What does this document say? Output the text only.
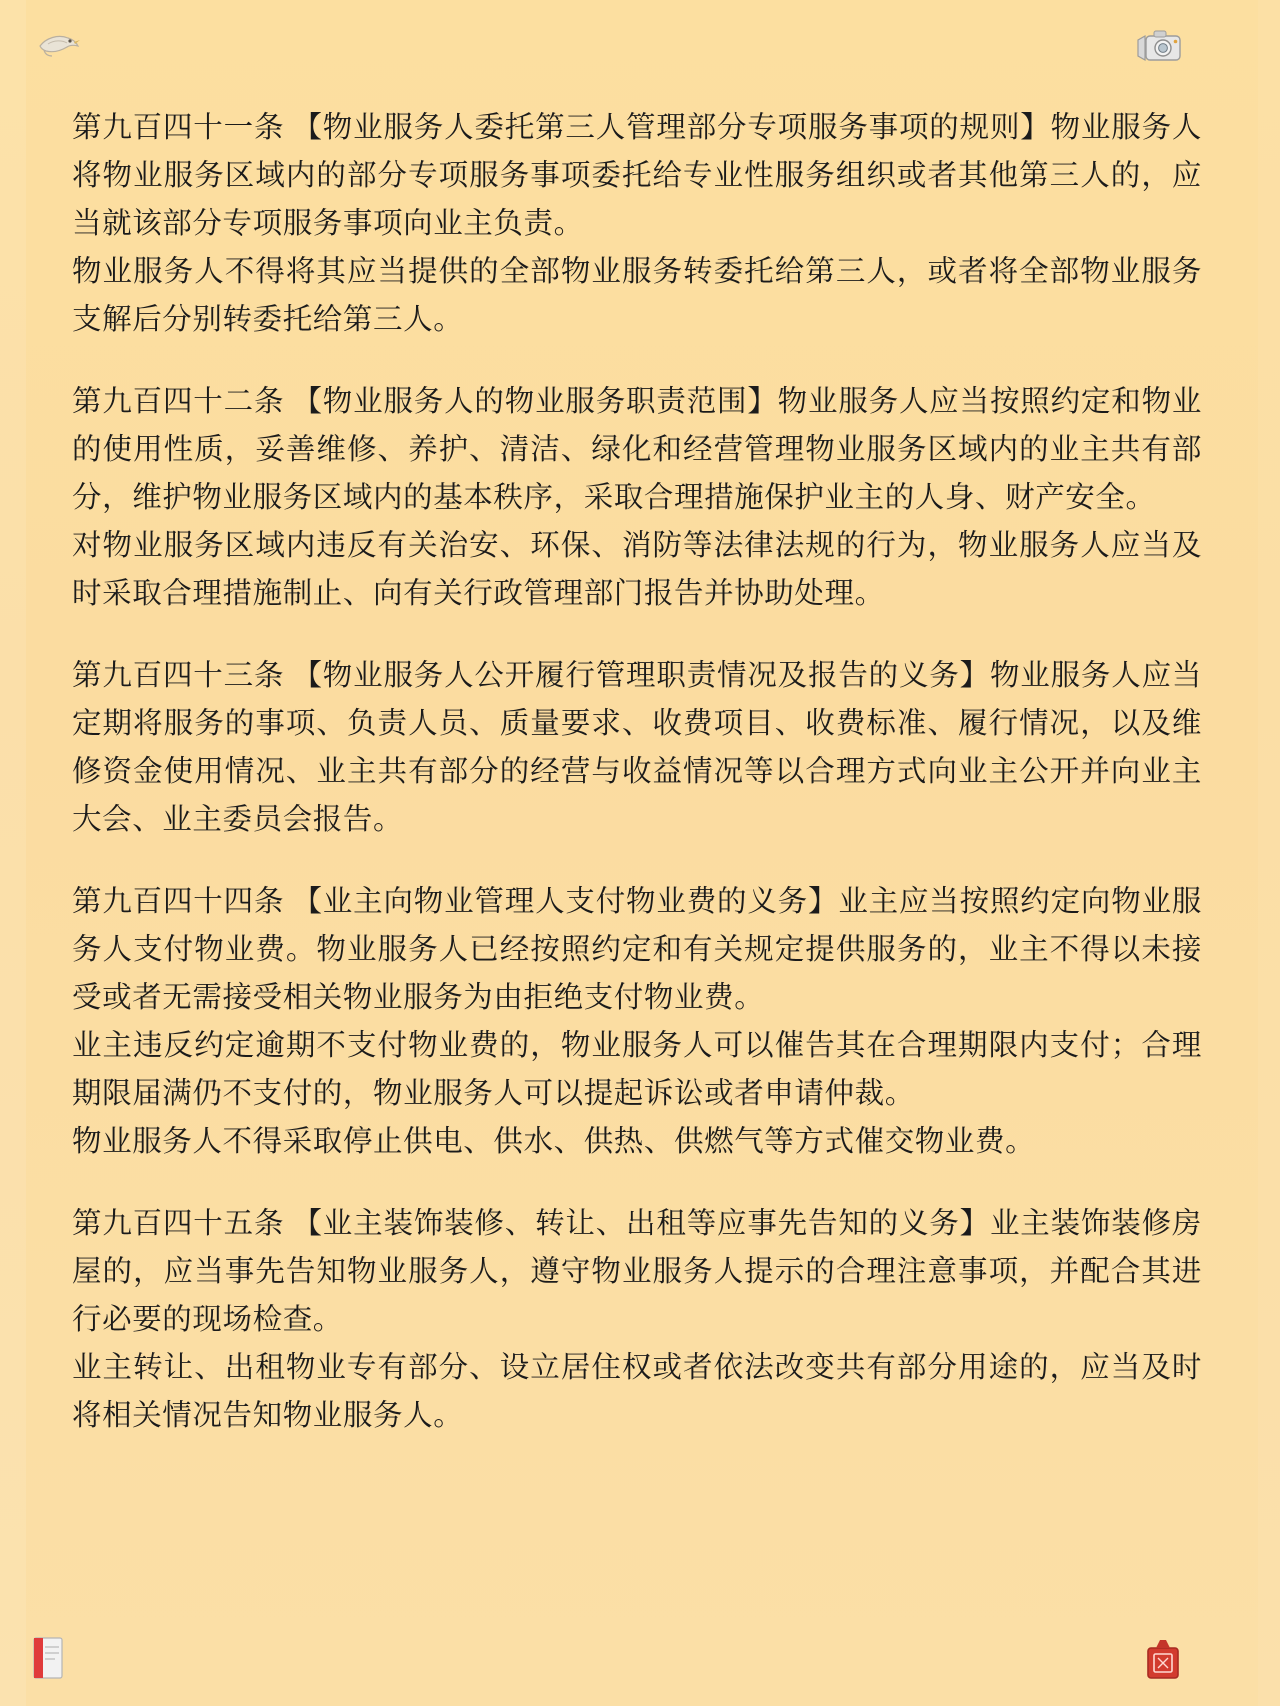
第九百四十一条 【物业服务人委托第三人管理部分专项服务事项的规则】物业服务人将物业服务区域内的部分专项服务事项委托给专业性服务组织或者其他第三人的，应当就该部分专项服务事项向业主负责。

物业服务人不得将其应当提供的全部物业服务转委托给第三人，或者将全部物业服务支解后分别转委托给第三人。

第九百四十二条 【物业服务人的物业服务职责范围】物业服务人应当按照约定和物业的使用性质，妥善维修、养护、清洁、绿化和经营管理物业服务区域内的业主共有部分，维护物业服务区域内的基本秩序，采取合理措施保护业主的人身、财产安全。

对物业服务区域内违反有关治安、环保、消防等法律法规的行为，物业服务人应当及时采取合理措施制止、向有关行政管理部门报告并协助处理。

第九百四十三条 【物业服务人公开履行管理职责情况及报告的义务】物业服务人应当定期将服务的事项、负责人员、质量要求、收费项目、收费标准、履行情况，以及维修资金使用情况、业主共有部分的经营与收益情况等以合理方式向业主公开并向业主大会、业主委员会报告。

第九百四十四条 【业主向物业管理人支付物业费的义务】业主应当按照约定向物业服务人支付物业费。物业服务人已经按照约定和有关规定提供服务的，业主不得以未接受或者无需接受相关物业服务为由拒绝支付物业费。

业主违反约定逾期不支付物业费的，物业服务人可以催告其在合理期限内支付；合理期限届满仍不支付的，物业服务人可以提起诉讼或者申请仲裁。

物业服务人不得采取停止供电、供水、供热、供燃气等方式催交物业费。

第九百四十五条 【业主装饰装修、转让、出租等应事先告知的义务】业主装饰装修房屋的，应当事先告知物业服务人，遵守物业服务人提示的合理注意事项，并配合其进行必要的现场检查。

业主转让、出租物业专有部分、设立居住权或者依法改变共有部分用途的，应当及时将相关情况告知物业服务人。
